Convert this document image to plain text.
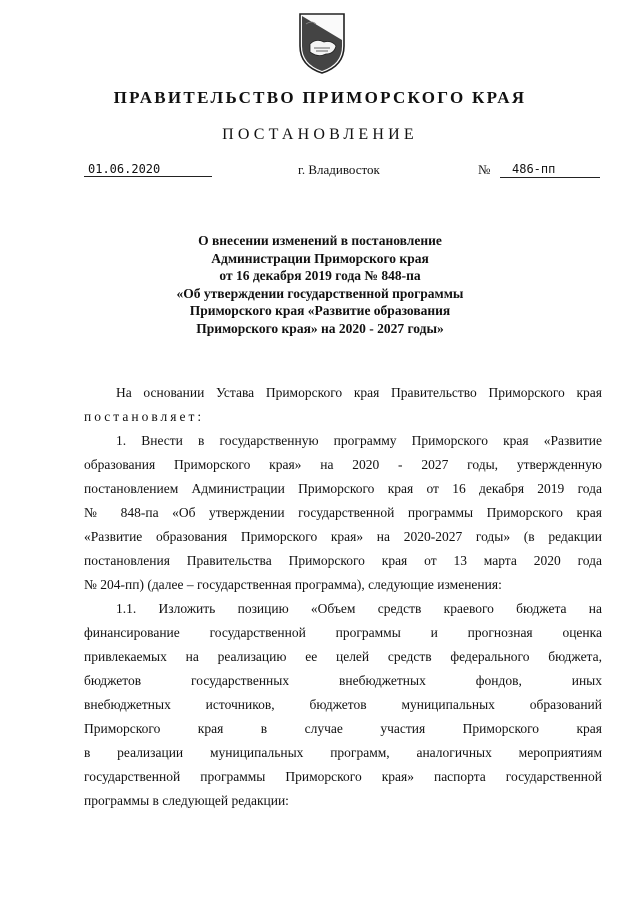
ПРАВИТЕЛЬСТВО ПРИМОРСКОГО КРАЯ
ПОСТАНОВЛЕНИЕ
01.06.2020	г. Владивосток	№	486-пп
О внесении изменений в постановление
Администрации Приморского края
от 16 декабря 2019 года № 848-па
«Об утверждении государственной программы
Приморского края «Развитие образования
Приморского края» на 2020 - 2027 годы»
На основании Устава Приморского края Правительство Приморского края
постановляет:
1. Внести в государственную программу Приморского края «Развитие
образования Приморского края» на 2020 - 2027 годы, утвержденную
постановлением Администрации Приморского края от 16 декабря 2019 года
№ 848-па «Об утверждении государственной программы Приморского края
«Развитие образования Приморского края» на 2020-2027 годы» (в редакции
постановления Правительства Приморского края от 13 марта 2020 года
№ 204-пп) (далее – государственная программа), следующие изменения:
1.1. Изложить позицию «Объем средств краевого бюджета на
финансирование государственной программы и прогнозная оценка
привлекаемых на реализацию ее целей средств федерального бюджета,
бюджетов государственных внебюджетных фондов, иных
внебюджетных источников, бюджетов муниципальных образований
Приморского края в случае участия Приморского края
в реализации муниципальных программ, аналогичных мероприятиям
государственной программы Приморского края» паспорта государственной
программы в следующей редакции:
